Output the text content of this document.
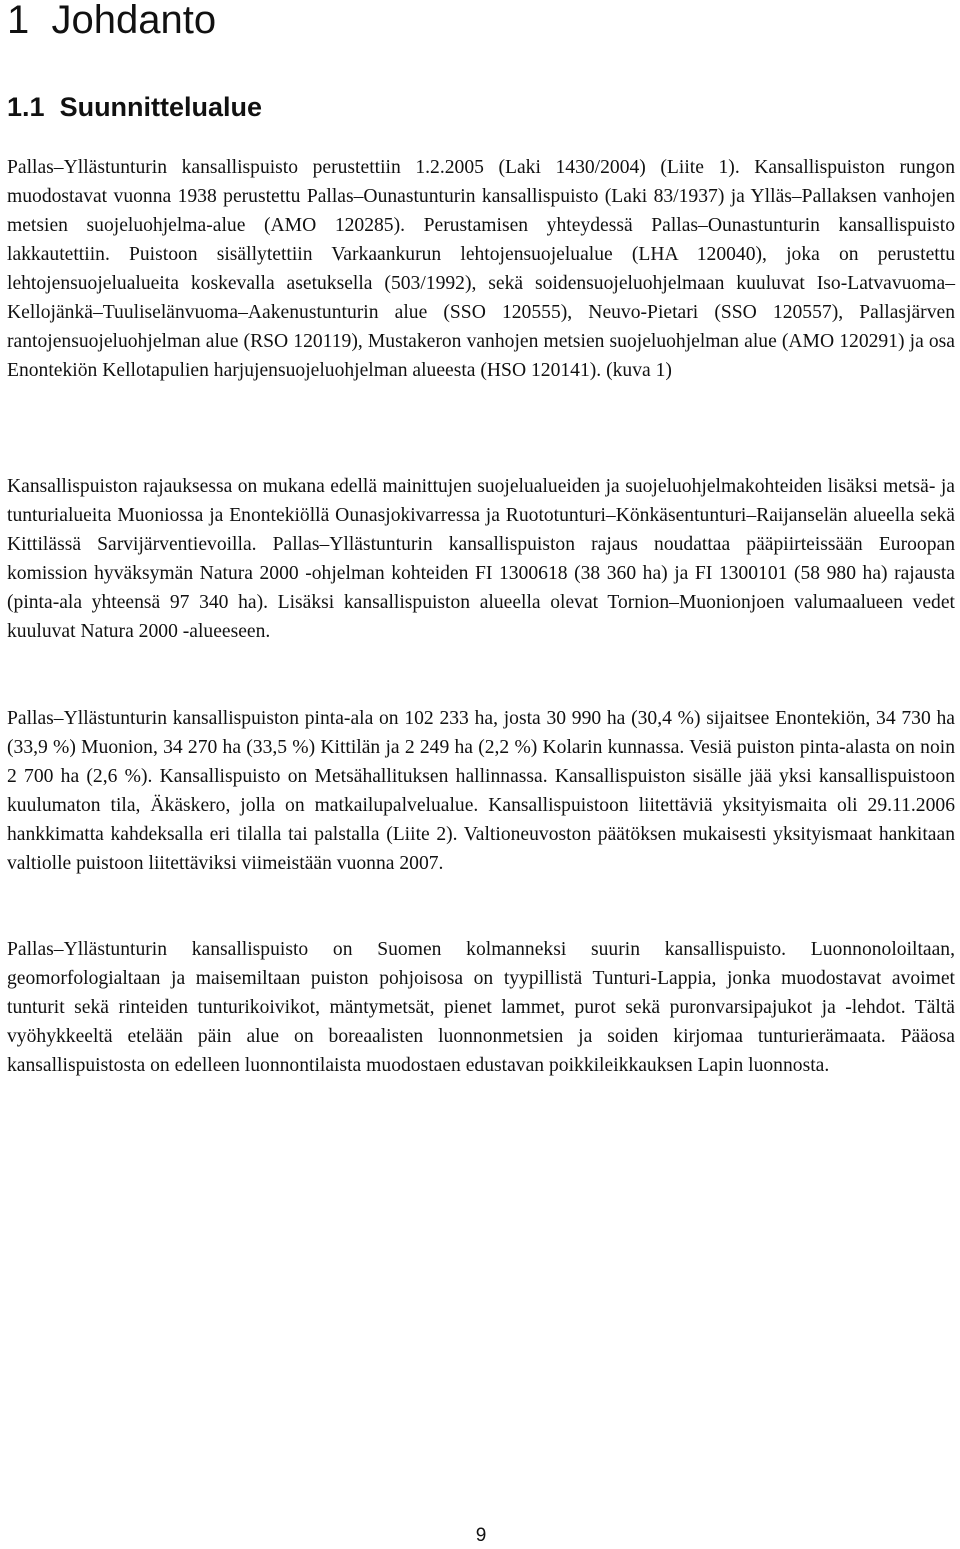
1 Johdanto
1.1 Suunnittelualue

Pallas–Yllästunturin kansallispuisto perustettiin 1.2.2005 (Laki 1430/2004) (Liite 1). Kansallispuiston rungon muodostavat vuonna 1938 perustettu Pallas–Ounastunturin kansallispuisto (Laki 83/1937) ja Ylläs–Pallaksen vanhojen metsien suojeluohjelma-alue (AMO 120285). Perustamisen yhteydessä Pallas–Ounastunturin kansallispuisto lakkautettiin. Puistoon sisällytettiin Varkaankurun lehtojensuojelualue (LHA 120040), joka on perustettu lehtojensuojelualueita koskevalla asetuksella (503/1992), sekä soidensuojeluohjelmaan kuuluvat Iso-Latvavuoma–Kellojänkä–Tuuliselänvuoma–Aakenustunturin alue (SSO 120555), Neuvo-Pietari (SSO 120557), Pallasjärven rantojensuojeluohjelman alue (RSO 120119), Mustakeron vanhojen metsien suojeluohjelman alue (AMO 120291) ja osa Enontekiön Kellotapulien harjujensuojeluohjelman alueesta (HSO 120141). (kuva 1)

Kansallispuiston rajauksessa on mukana edellä mainittujen suojelualueiden ja suojeluohjelmakohteiden lisäksi metsä- ja tunturialueita Muoniossa ja Enontekiöllä Ounasjokivarressa ja Ruototunturi–Könkäsentunturi–Raijanselän alueella sekä Kittilässä Sarvijärventievoilla. Pallas–Yllästunturin kansallispuiston rajaus noudattaa pääpiirteissään Euroopan komission hyväksymän Natura 2000 -ohjelman kohteiden FI 1300618 (38 360 ha) ja FI 1300101 (58 980 ha) rajausta (pinta-ala yhteensä 97 340 ha). Lisäksi kansallispuiston alueella olevat Tornion–Muonionjoen valumaalueen vedet kuuluvat Natura 2000 -alueeseen.

Pallas–Yllästunturin kansallispuiston pinta-ala on 102 233 ha, josta 30 990 ha (30,4 %) sijaitsee Enontekiön, 34 730 ha (33,9 %) Muonion, 34 270 ha (33,5 %) Kittilän ja 2 249 ha (2,2 %) Kolarin kunnassa. Vesiä puiston pinta-alasta on noin 2 700 ha (2,6 %). Kansallispuisto on Metsähallituksen hallinnassa. Kansallispuiston sisälle jää yksi kansallispuistoon kuulumaton tila, Äkäskero, jolla on matkailupalvelualue. Kansallispuistoon liitettäviä yksityismaita oli 29.11.2006 hankkimatta kahdeksalla eri tilalla tai palstalla (Liite 2). Valtioneuvoston päätöksen mukaisesti yksityismaat hankitaan valtiolle puistoon liitettäviksi viimeistään vuonna 2007.

Pallas–Yllästunturin kansallispuisto on Suomen kolmanneksi suurin kansallispuisto. Luonnonoloiltaan, geomorfologialtaan ja maisemiltaan puiston pohjoisosa on tyypillistä Tunturi-Lappia, jonka muodostavat avoimet tunturit sekä rinteiden tunturikoivikot, mäntymetsät, pienet lammet, purot sekä puronvarsipajukot ja -lehdot. Tältä vyöhykkeeltä etelään päin alue on boreaalisten luonnonmetsien ja soiden kirjomaa tunturierämaata. Pääosa kansallispuistosta on edelleen luonnontilaista muodostaen edustavan poikkileikkauksen Lapin luonnosta.

9
